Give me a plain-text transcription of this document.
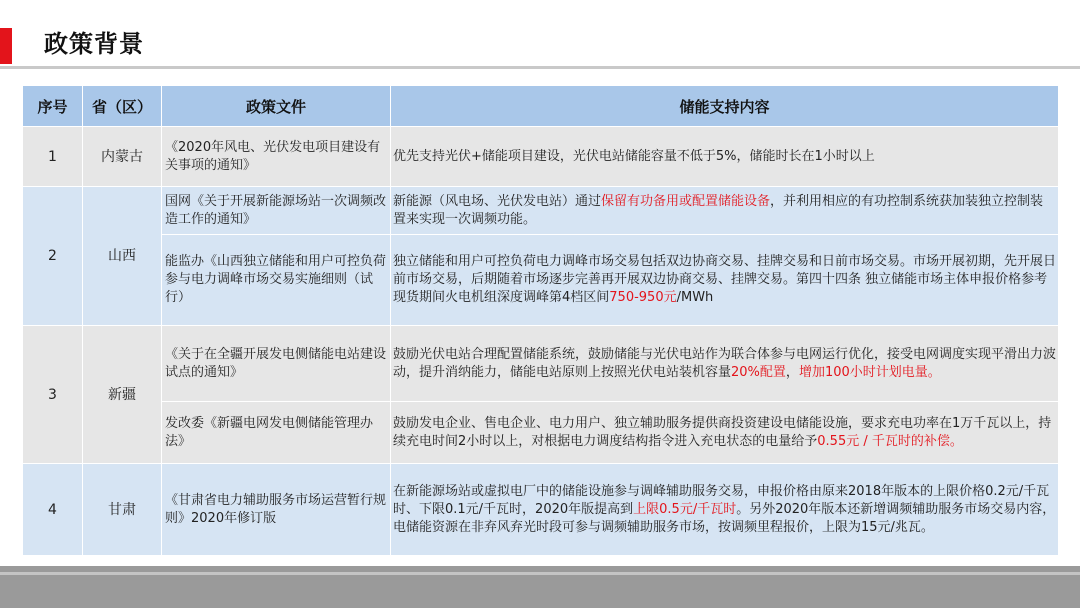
政策背景
序号	省（区）	政策文件	储能支持内容
1	内蒙古	《2020年风电、光伏发电项目建设有关事项的通知》	优先支持光伏+储能项目建设，光伏电站储能容量不低于5%，储能时长在1小时以上
2	山西	国网《关于开展新能源场站一次调频改造工作的通知》	新能源（风电场、光伏发电站）通过保留有功备用或配置储能设备，并利用相应的有功控制系统获加装独立控制装置来实现一次调频功能。
		能监办《山西独立储能和用户可控负荷参与电力调峰市场交易实施细则（试行）	独立储能和用户可控负荷电力调峰市场交易包括双边协商交易、挂牌交易和日前市场交易。市场开展初期，先开展日前市场交易，后期随着市场逐步完善再开展双边协商交易、挂牌交易。第四十四条 独立储能市场主体申报价格参考现货期间火电机组深度调峰第4档区间750-950元/MWh
3	新疆	《关于在全疆开展发电侧储能电站建设试点的通知》	鼓励光伏电站合理配置储能系统，鼓励储能与光伏电站作为联合体参与电网运行优化，接受电网调度实现平滑出力波动，提升消纳能力，储能电站原则上按照光伏电站装机容量20%配置，增加100小时计划电量。
		发改委《新疆电网发电侧储能管理办法》	鼓励发电企业、售电企业、电力用户、独立辅助服务提供商投资建设电储能设施，要求充电功率在1万千瓦以上，持续充电时间2小时以上，对根据电力调度结构指令进入充电状态的电量给予0.55元 / 千瓦时的补偿。
4	甘肃	《甘肃省电力辅助服务市场运营暂行规则》2020年修订版	在新能源场站或虚拟电厂中的储能设施参与调峰辅助服务交易，申报价格由原来2018年版本的上限价格0.2元/千瓦时、下限0.1元/千瓦时，2020年版提高到上限0.5元/千瓦时。另外2020年版本还新增调频辅助服务市场交易内容，电储能资源在非弃风弃光时段可参与调频辅助服务市场，按调频里程报价，上限为15元/兆瓦。
